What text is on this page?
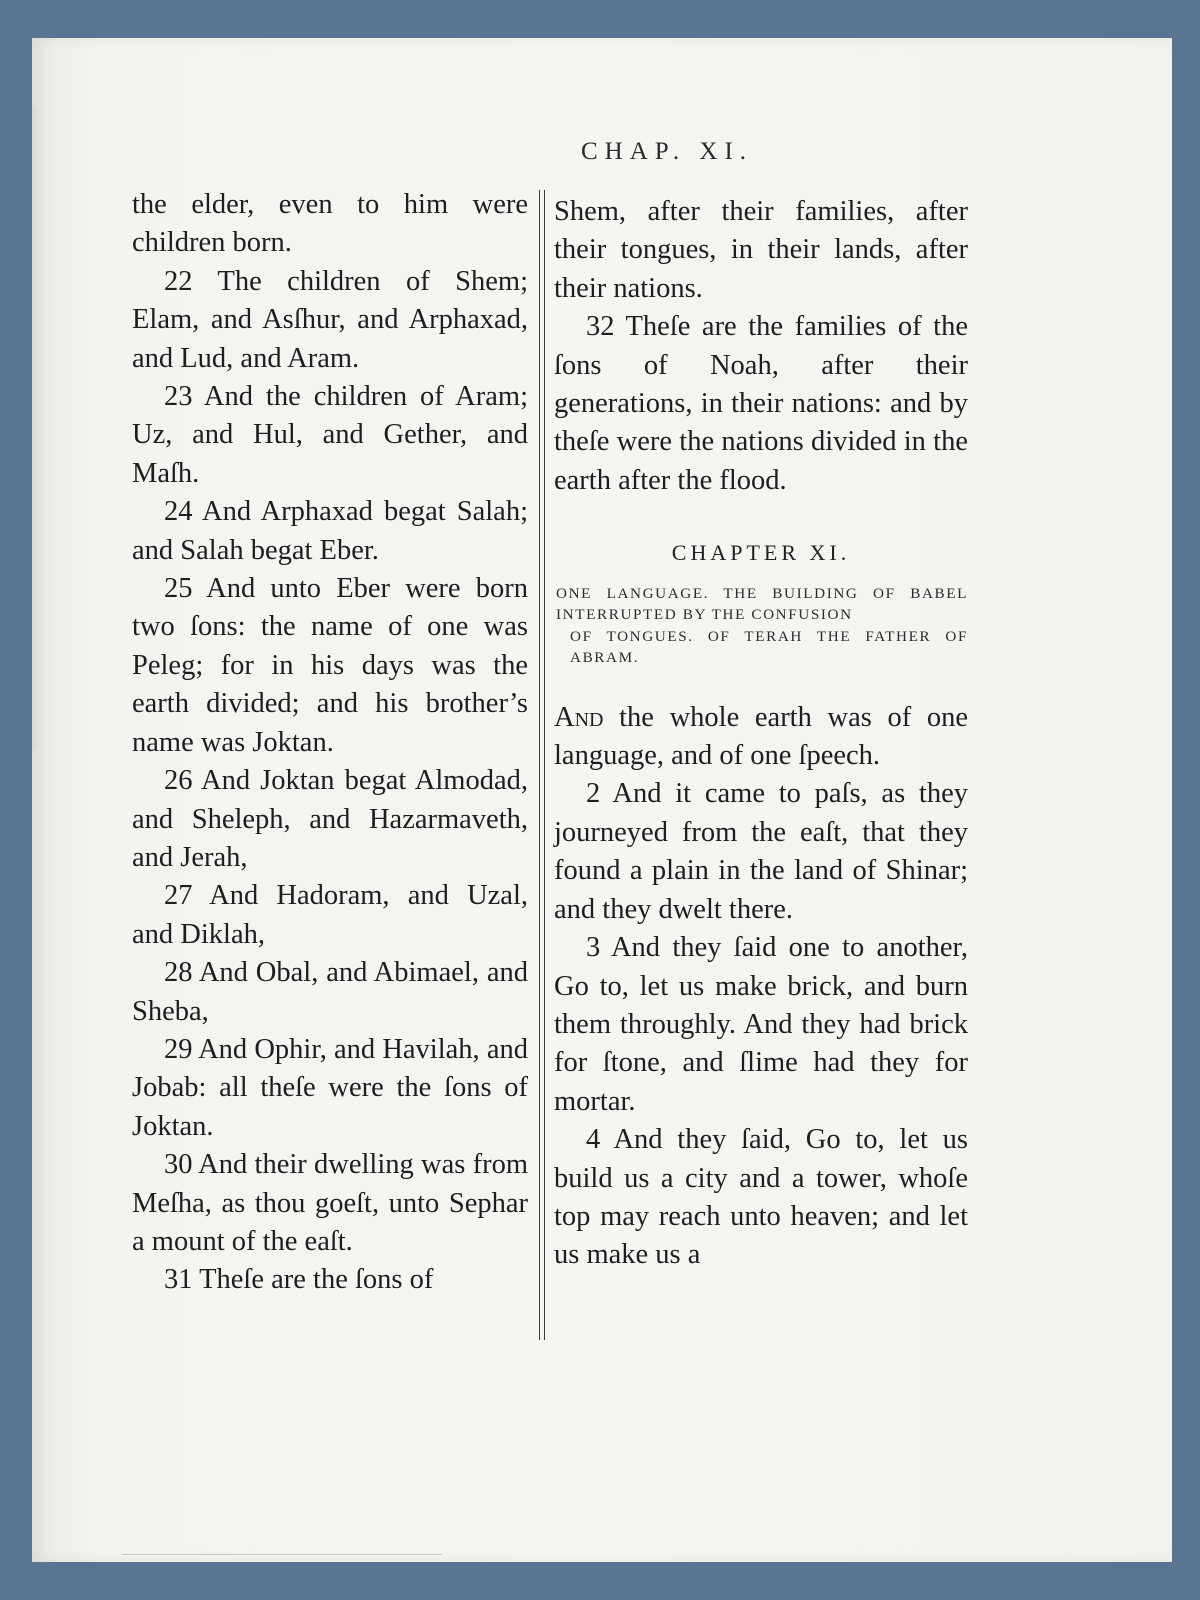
CHAP. XI.

the elder, even to him were children born.

22 The children of Shem; Elam, and Asſhur, and Arphaxad, and Lud, and Aram.

23 And the children of Aram; Uz, and Hul, and Gether, and Maſh.

24 And Arphaxad begat Salah; and Salah begat Eber.

25 And unto Eber were born two ſons: the name of one was Peleg; for in his days was the earth divided; and his brother’s name was Joktan.

26 And Joktan begat Almodad, and Sheleph, and Hazarmaveth, and Jerah,

27 And Hadoram, and Uzal, and Diklah,

28 And Obal, and Abimael, and Sheba,

29 And Ophir, and Havilah, and Jobab: all theſe were the ſons of Joktan.

30 And their dwelling was from Meſha, as thou goeſt, unto Sephar a mount of the eaſt.

31 Theſe are the ſons of

Shem, after their families, after their tongues, in their lands, after their nations.

32 Theſe are the families of the ſons of Noah, after their generations, in their nations: and by theſe were the nations divided in the earth after the flood.

CHAPTER XI.
ONE LANGUAGE. THE BUILDING OF BABEL INTERRUPTED BY THE CONFUSION
OF TONGUES. OF TERAH THE FATHER OF ABRAM.

And the whole earth was of one language, and of one ſpeech.

2 And it came to paſs, as they journeyed from the eaſt, that they found a plain in the land of Shinar; and they dwelt there.

3 And they ſaid one to another, Go to, let us make brick, and burn them throughly. And they had brick for ſtone, and ſlime had they for mortar.

4 And they ſaid, Go to, let us build us a city and a tower, whoſe top may reach unto heaven; and let us make us a
